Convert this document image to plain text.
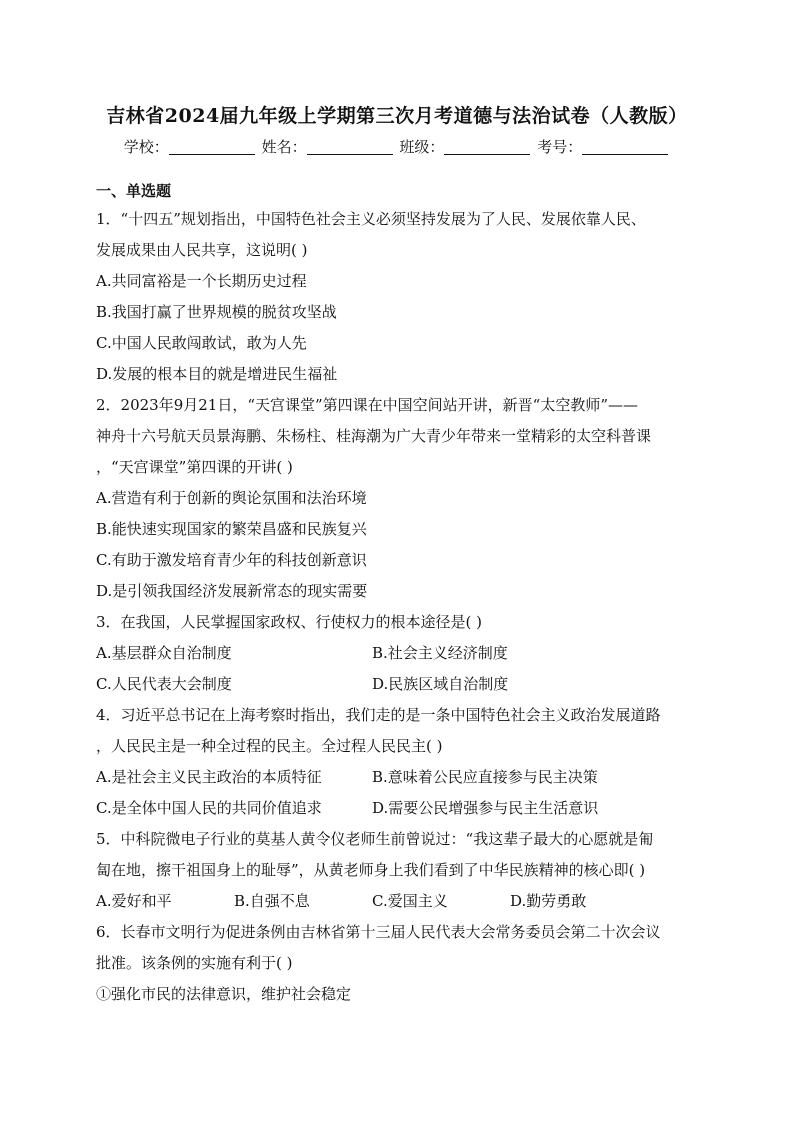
吉林省2024届九年级上学期第三次月考道德与法治试卷（人教版）
学校：	姓名：	班级：	考号：
一、单选题
1．“十四五”规划指出，中国特色社会主义必须坚持发展为了人民、发展依靠人民、
发展成果由人民共享，这说明( )
A.共同富裕是一个长期历史过程
B.我国打赢了世界规模的脱贫攻坚战
C.中国人民敢闯敢试，敢为人先
D.发展的根本目的就是增进民生福祉
2．2023年9月21日，“天宫课堂”第四课在中国空间站开讲，新晋“太空教师”——
神舟十六号航天员景海鹏、朱杨柱、桂海潮为广大青少年带来一堂精彩的太空科普课
，“天宫课堂”第四课的开讲( )
A.营造有利于创新的舆论氛围和法治环境
B.能快速实现国家的繁荣昌盛和民族复兴
C.有助于激发培育青少年的科技创新意识
D.是引领我国经济发展新常态的现实需要
3．在我国，人民掌握国家政权、行使权力的根本途径是( )
A.基层群众自治制度	B.社会主义经济制度
C.人民代表大会制度	D.民族区域自治制度
4．习近平总书记在上海考察时指出，我们走的是一条中国特色社会主义政治发展道路
，人民民主是一种全过程的民主。全过程人民民主( )
A.是社会主义民主政治的本质特征	B.意味着公民应直接参与民主决策
C.是全体中国人民的共同价值追求	D.需要公民增强参与民主生活意识
5．中科院微电子行业的莫基人黄令仪老师生前曾说过：“我这辈子最大的心愿就是匍
匐在地，擦干祖国身上的耻辱”，从黄老师身上我们看到了中华民族精神的核心即( )
A.爱好和平	B.自强不息	C.爱国主义	D.勤劳勇敢
6．长春市文明行为促进条例由吉林省第十三届人民代表大会常务委员会第二十次会议
批准。该条例的实施有利于( )
①强化市民的法律意识，维护社会稳定
